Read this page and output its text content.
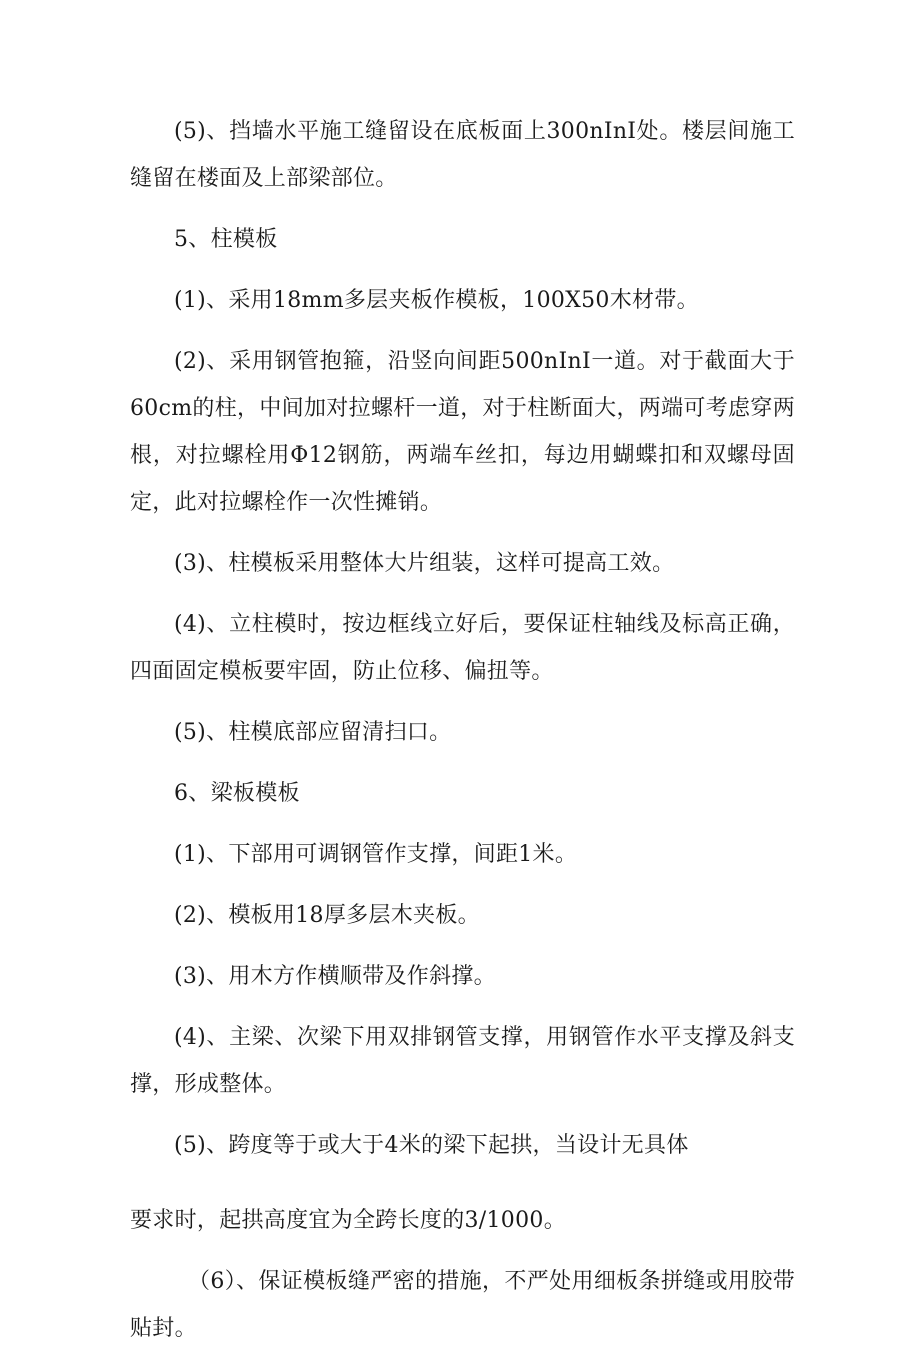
(5)、挡墙水平施工缝留设在底板面上300nInI处。楼层间施工缝留在楼面及上部梁部位。

5、柱模板

(1)、采用18mm多层夹板作模板，100X50木材带。

(2)、采用钢管抱箍，沿竖向间距500nInI一道。对于截面大于60cm的柱，中间加对拉螺杆一道，对于柱断面大，两端可考虑穿两根，对拉螺栓用Φ12钢筋，两端车丝扣，每边用蝴蝶扣和双螺母固定，此对拉螺栓作一次性摊销。

(3)、柱模板采用整体大片组装，这样可提高工效。

(4)、立柱模时，按边框线立好后，要保证柱轴线及标高正确，四面固定模板要牢固，防止位移、偏扭等。

(5)、柱模底部应留清扫口。

6、梁板模板

(1)、下部用可调钢管作支撑，间距1米。

(2)、模板用18厚多层木夹板。

(3)、用木方作横顺带及作斜撑。

(4)、主梁、次梁下用双排钢管支撑，用钢管作水平支撑及斜支撑，形成整体。

(5)、跨度等于或大于4米的梁下起拱，当设计无具体

要求时，起拱高度宜为全跨长度的3/1000。

（6）、保证模板缝严密的措施，不严处用细板条拼缝或用胶带贴封。
